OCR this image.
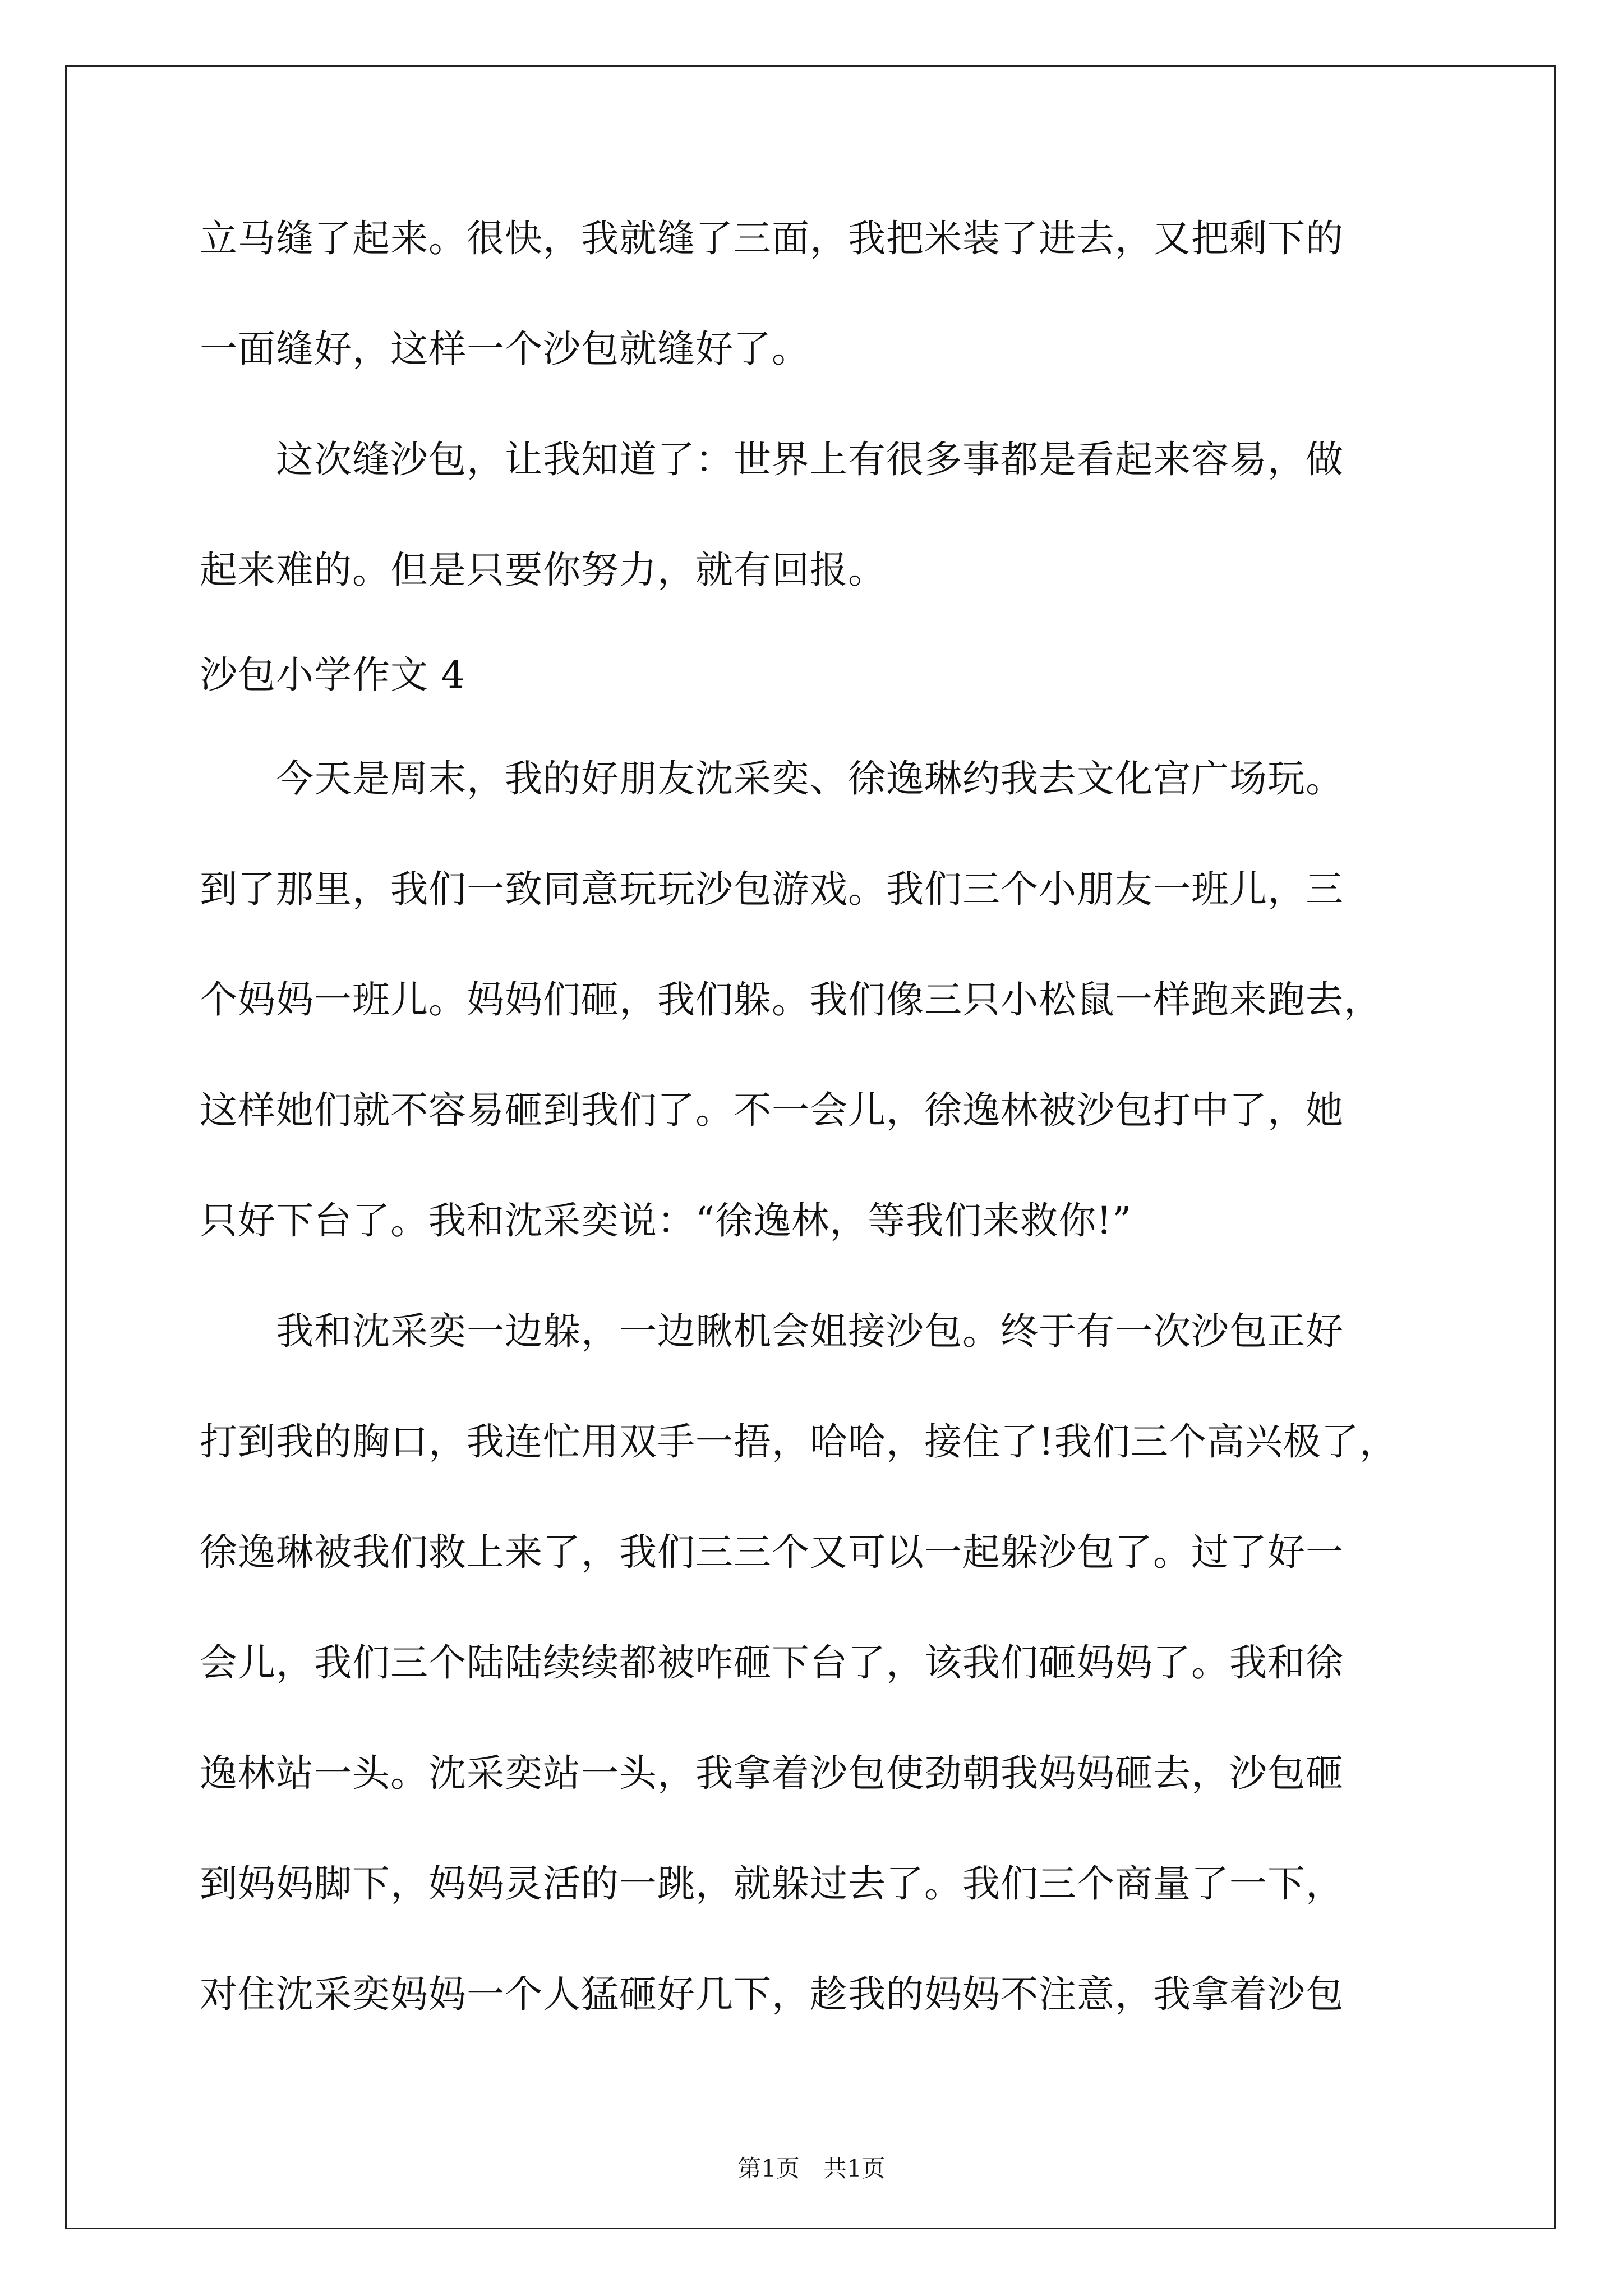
立马缝了起来。很快，我就缝了三面，我把米装了进去，又把剩下的
一面缝好，这样一个沙包就缝好了。
　　这次缝沙包，让我知道了：世界上有很多事都是看起来容易，做
起来难的。但是只要你努力，就有回报。
沙包小学作文 4
　　今天是周末，我的好朋友沈采奕、徐逸琳约我去文化宫广场玩。
到了那里，我们一致同意玩玩沙包游戏。我们三个小朋友一班儿，三
个妈妈一班儿。妈妈们砸，我们躲。我们像三只小松鼠一样跑来跑去，
这样她们就不容易砸到我们了。不一会儿，徐逸林被沙包打中了，她
只好下台了。我和沈采奕说：“徐逸林，等我们来救你!”
　　我和沈采奕一边躲，一边瞅机会姐接沙包。终于有一次沙包正好
打到我的胸口，我连忙用双手一捂，哈哈，接住了!我们三个高兴极了，
徐逸琳被我们救上来了，我们三三个又可以一起躲沙包了。过了好一
会儿，我们三个陆陆续续都被咋砸下台了，该我们砸妈妈了。我和徐
逸林站一头。沈采奕站一头，我拿着沙包使劲朝我妈妈砸去，沙包砸
到妈妈脚下，妈妈灵活的一跳，就躲过去了。我们三个商量了一下，
对住沈采奕妈妈一个人猛砸好几下，趁我的妈妈不注意，我拿着沙包
第1页　共1页
